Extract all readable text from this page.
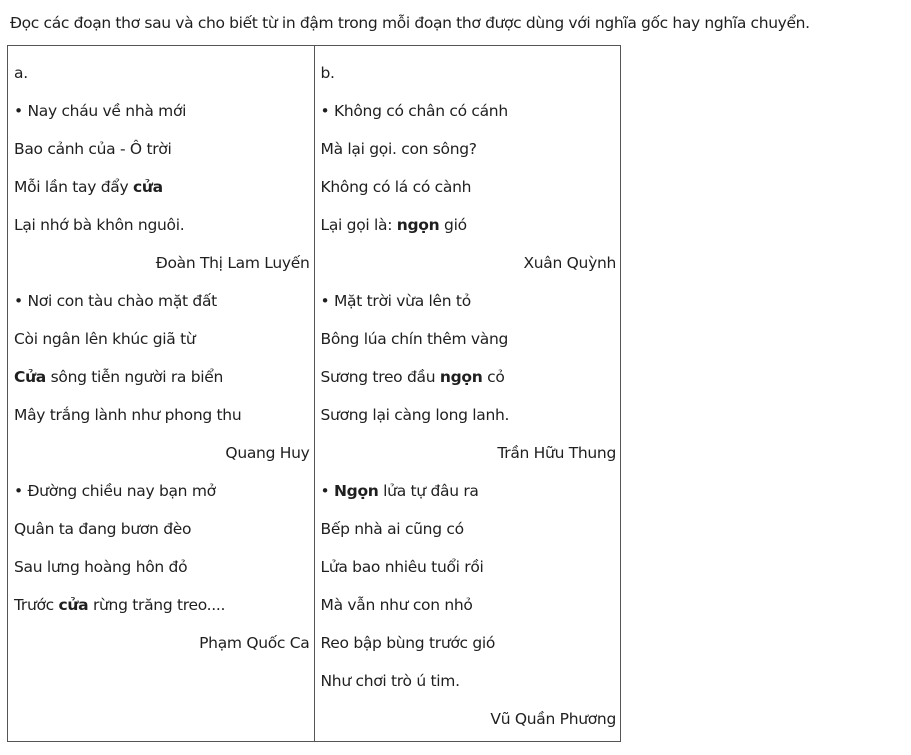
Đọc các đoạn thơ sau và cho biết từ in đậm trong mỗi đoạn thơ được dùng với nghĩa gốc hay nghĩa chuyển.
a.
• Nay cháu về nhà mới
Bao cảnh của - Ô trời
Mỗi lần tay đẩy cửa
Lại nhớ bà khôn nguôi.
Đoàn Thị Lam Luyến
• Nơi con tàu chào mặt đất
Còi ngân lên khúc giã từ
Cửa sông tiễn người ra biển
Mây trắng lành như phong thu
Quang Huy
• Đường chiều nay bạn mở
Quân ta đang bươn đèo
Sau lưng hoàng hôn đỏ
Trước cửa rừng trăng treo....
Phạm Quốc Ca
b.
• Không có chân có cánh
Mà lại gọi. con sông?
Không có lá có cành
Lại gọi là: ngọn gió
Xuân Quỳnh
• Mặt trời vừa lên tỏ
Bông lúa chín thêm vàng
Sương treo đầu ngọn cỏ
Sương lại càng long lanh.
Trần Hữu Thung
• Ngọn lửa tự đâu ra
Bếp nhà ai cũng có
Lửa bao nhiêu tuổi rồi
Mà vẫn như con nhỏ
Reo bập bùng trước gió
Như chơi trò ú tim.
Vũ Quần Phương
